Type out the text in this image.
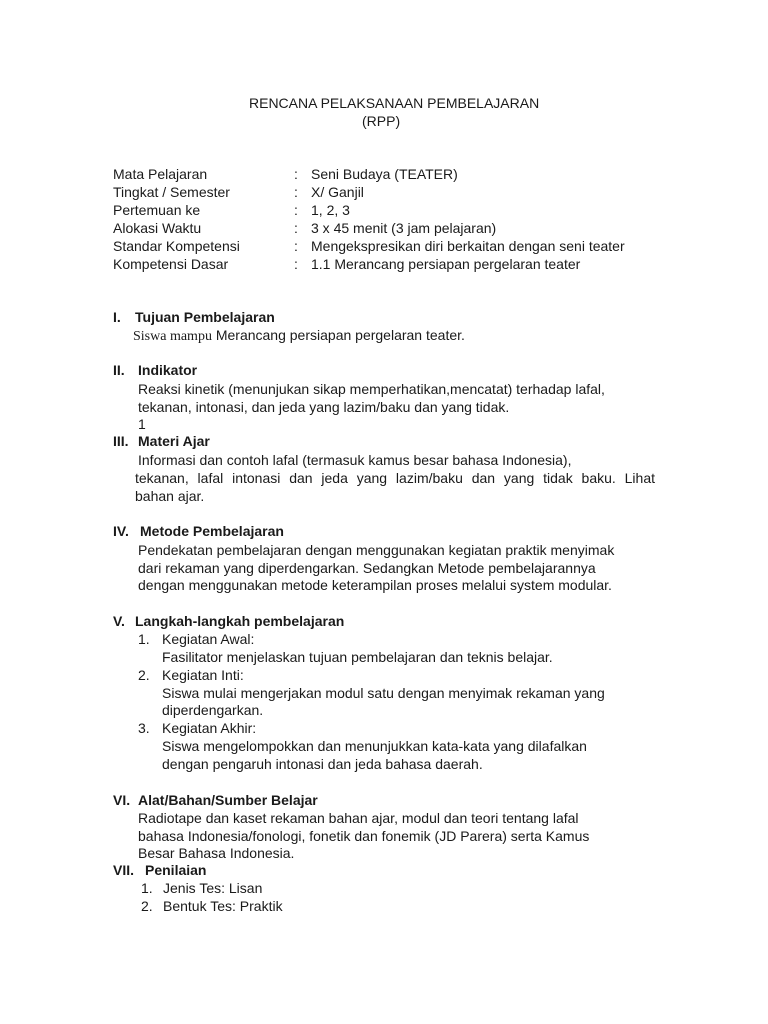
RENCANA PELAKSANAAN PEMBELAJARAN
(RPP)
Mata Pelajaran	: Seni Budaya (TEATER)
Tingkat / Semester	: X/ Ganjil
Pertemuan ke	: 1, 2, 3
Alokasi Waktu	: 3 x 45 menit (3 jam pelajaran)
Standar Kompetensi	: Mengekspresikan diri berkaitan dengan seni teater
Kompetensi Dasar	: 1.1 Merancang persiapan pergelaran teater
I. Tujuan Pembelajaran
Siswa mampu Merancang persiapan pergelaran teater.
II. Indikator
Reaksi kinetik (menunjukan sikap memperhatikan,mencatat) terhadap lafal,
tekanan, intonasi, dan jeda yang lazim/baku dan yang tidak.
1
III. Materi Ajar
Informasi dan contoh lafal (termasuk kamus besar bahasa Indonesia),
tekanan, lafal intonasi dan jeda yang lazim/baku dan yang tidak baku. Lihat
bahan ajar.
IV. Metode Pembelajaran
Pendekatan pembelajaran dengan menggunakan kegiatan praktik menyimak
dari rekaman yang diperdengarkan. Sedangkan Metode pembelajarannya
dengan menggunakan metode keterampilan proses melalui system modular.
V. Langkah-langkah pembelajaran
1. Kegiatan Awal:
Fasilitator menjelaskan tujuan pembelajaran dan teknis belajar.
2. Kegiatan Inti:
Siswa mulai mengerjakan modul satu dengan menyimak rekaman yang
diperdengarkan.
3. Kegiatan Akhir:
Siswa mengelompokkan dan menunjukkan kata-kata yang dilafalkan
dengan pengaruh intonasi dan jeda bahasa daerah.
VI. Alat/Bahan/Sumber Belajar
Radiotape dan kaset rekaman bahan ajar, modul dan teori tentang lafal
bahasa Indonesia/fonologi, fonetik dan fonemik (JD Parera) serta Kamus
Besar Bahasa Indonesia.
VII. Penilaian
1. Jenis Tes: Lisan
2. Bentuk Tes: Praktik
